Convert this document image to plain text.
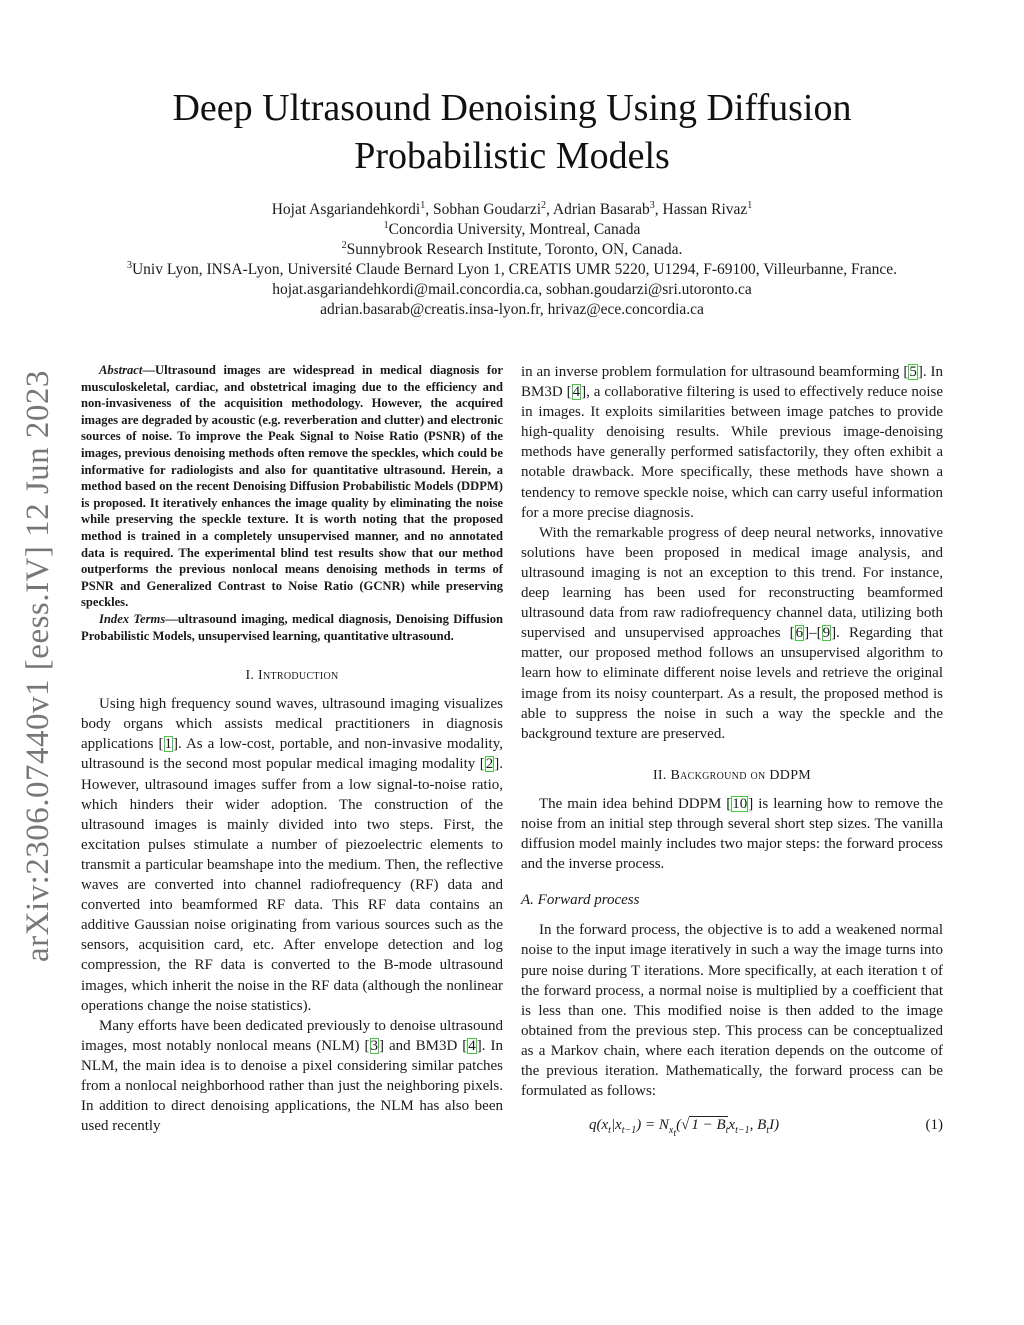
Deep Ultrasound Denoising Using Diffusion
Probabilistic Models
Hojat Asgariandehkordi$^1$, Sobhan Goudarzi$^2$, Adrian Basarab$^3$, Hassan Rivaz$^1$
$^1$Concordia University, Montreal, Canada
$^2$Sunnybrook Research Institute, Toronto, ON, Canada.
$^3$Univ Lyon, INSA-Lyon, Université Claude Bernard Lyon 1, CREATIS UMR 5220, U1294, F-69100, Villeurbanne, France.
hojat.asgariandehkordi@mail.concordia.ca, sobhan.goudarzi@sri.utoronto.ca
adrian.basarab@creatis.insa-lyon.fr, hrivaz@ece.concordia.ca
arXiv:2306.07440v1 [eess.IV] 12 Jun 2023

Abstract—Ultrasound images are widespread in medical diagnosis for musculoskeletal, cardiac, and obstetrical imaging due to the efficiency and non-invasiveness of the acquisition methodology. However, the acquired images are degraded by acoustic (e.g. reverberation and clutter) and electronic sources of noise. To improve the Peak Signal to Noise Ratio (PSNR) of the images, previous denoising methods often remove the speckles, which could be informative for radiologists and also for quantitative ultrasound. Herein, a method based on the recent Denoising Diffusion Probabilistic Models (DDPM) is proposed. It iteratively enhances the image quality by eliminating the noise while preserving the speckle texture. It is worth noting that the proposed method is trained in a completely unsupervised manner, and no annotated data is required. The experimental blind test results show that our method outperforms the previous nonlocal means denoising methods in terms of PSNR and Generalized Contrast to Noise Ratio (GCNR) while preserving speckles.

Index Terms—ultrasound imaging, medical diagnosis, Denoising Diffusion Probabilistic Models, unsupervised learning, quantitative ultrasound.

I. Introduction

Using high frequency sound waves, ultrasound imaging visualizes body organs which assists medical practitioners in diagnosis applications [1]. As a low-cost, portable, and non-invasive modality, ultrasound is the second most popular medical imaging modality [2]. However, ultrasound images suffer from a low signal-to-noise ratio, which hinders their wider adoption. The construction of the ultrasound images is mainly divided into two steps. First, the excitation pulses stimulate a number of piezoelectric elements to transmit a particular beamshape into the medium. Then, the reflective waves are converted into channel radiofrequency (RF) data and converted into beamformed RF data. This RF data contains an additive Gaussian noise originating from various sources such as the sensors, acquisition card, etc. After envelope detection and log compression, the RF data is converted to the B-mode ultrasound images, which inherit the noise in the RF data (although the nonlinear operations change the noise statistics).

Many efforts have been dedicated previously to denoise ultrasound images, most notably nonlocal means (NLM) [3] and BM3D [4]. In NLM, the main idea is to denoise a pixel considering similar patches from a nonlocal neighborhood rather than just the neighboring pixels. In addition to direct denoising applications, the NLM has also been used recently

in an inverse problem formulation for ultrasound beamforming [5]. In BM3D [4], a collaborative filtering is used to effectively reduce noise in images. It exploits similarities between image patches to provide high-quality denoising results. While previous image-denoising methods have generally performed satisfactorily, they often exhibit a notable drawback. More specifically, these methods have shown a tendency to remove speckle noise, which can carry useful information for a more precise diagnosis.

With the remarkable progress of deep neural networks, innovative solutions have been proposed in medical image analysis, and ultrasound imaging is not an exception to this trend. For instance, deep learning has been used for reconstructing beamformed ultrasound data from raw radiofrequency channel data, utilizing both supervised and unsupervised approaches [6]–[9]. Regarding that matter, our proposed method follows an unsupervised algorithm to learn how to eliminate different noise levels and retrieve the original image from its noisy counterpart. As a result, the proposed method is able to suppress the noise in such a way the speckle and the background texture are preserved.

II. Background on DDPM

The main idea behind DDPM [10] is learning how to remove the noise from an initial step through several short step sizes. The vanilla diffusion model mainly includes two major steps: the forward process and the inverse process.

A. Forward process

In the forward process, the objective is to add a weakened normal noise to the input image iteratively in such a way the image turns into pure noise during T iterations. More specifically, at each iteration t of the forward process, a normal noise is multiplied by a coefficient that is less than one. This modified noise is then added to the image obtained from the previous step. This process can be conceptualized as a Markov chain, where each iteration depends on the outcome of the previous iteration. Mathematically, the forward process can be formulated as follows:

$q(x_t|x_{t-1}) = N_{x_t}(√$ $1 - B_tx_{t-1}$, $B_tI$)	(1)
